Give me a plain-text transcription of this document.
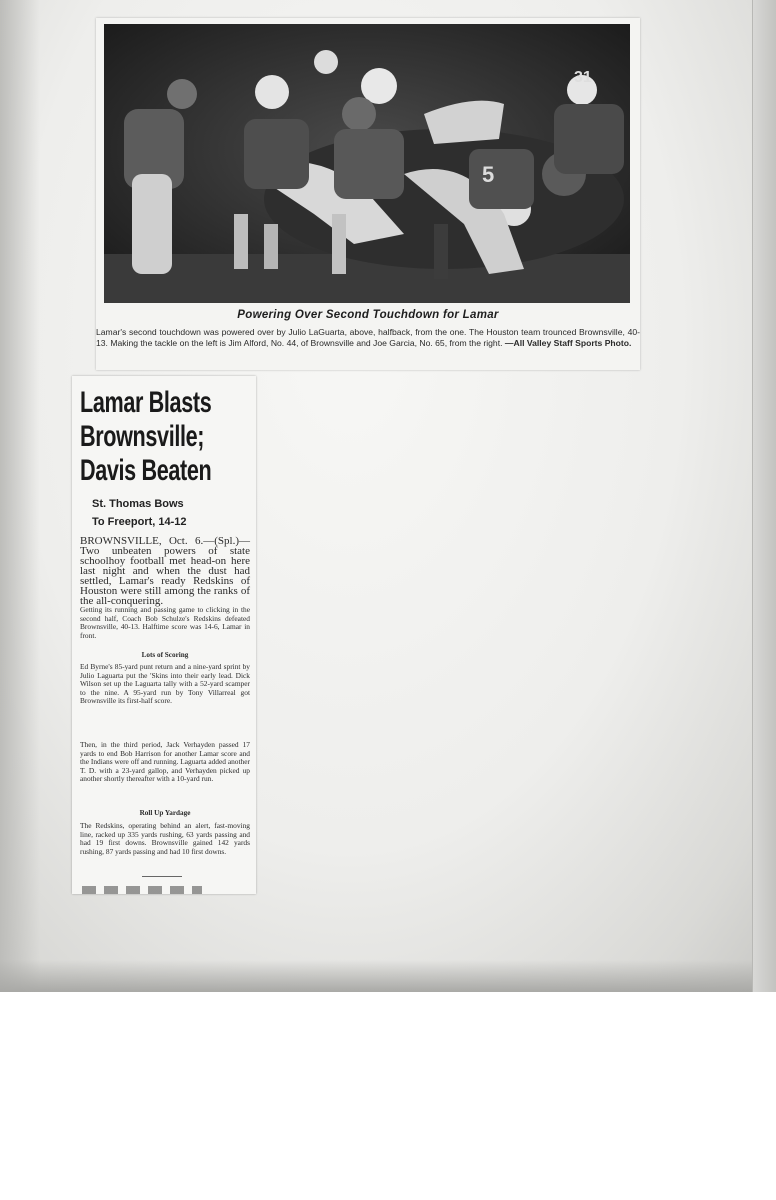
31
5
Powering Over Second Touchdown for Lamar
Lamar's second touchdown was powered over by Julio LaGuarta, above, halfback, from the one. The Houston team trounced Brownsville, 40-13. Making the tackle on the left is Jim Alford, No. 44, of Brownsville and Joe Garcia, No. 65, from the right. —All Valley Staff Sports Photo.
Lamar Blasts
Brownsville;
Davis Beaten
St. Thomas Bows
To Freeport, 14-12
BROWNSVILLE, Oct. 6.—(Spl.)—Two unbeaten powers of state schoolhoy football met head-on here last night and when the dust had settled, Lamar's ready Redskins of Houston were still among the ranks of the all-conquering.
Getting its running and passing game to clicking in the second half, Coach Bob Schulze's Redskins defeated Brownsville, 40-13. Halftime score was 14-6, Lamar in front.
Lots of Scoring
Ed Byrne's 85-yard punt return and a nine-yard sprint by Julio Laguarta put the 'Skins into their early lead. Dick Wilson set up the Laguarta tally with a 52-yard scamper to the nine. A 95-yard run by Tony Villarreal got Brownsville its first-half score.
Then, in the third period, Jack Verhayden passed 17 yards to end Bob Harrison for another Lamar score and the Indians were off and running. Laguarta added another T. D. with a 23-yard gallop, and Verhayden picked up another shortly thereafter with a 10-yard run.
Roll Up Yardage
The Redskins, operating behind an alert, fast-moving line, racked up 335 yards rushing, 63 yards passing and had 19 first downs. Brownsville gained 142 yards rushing, 87 yards passing and had 10 first downs.
